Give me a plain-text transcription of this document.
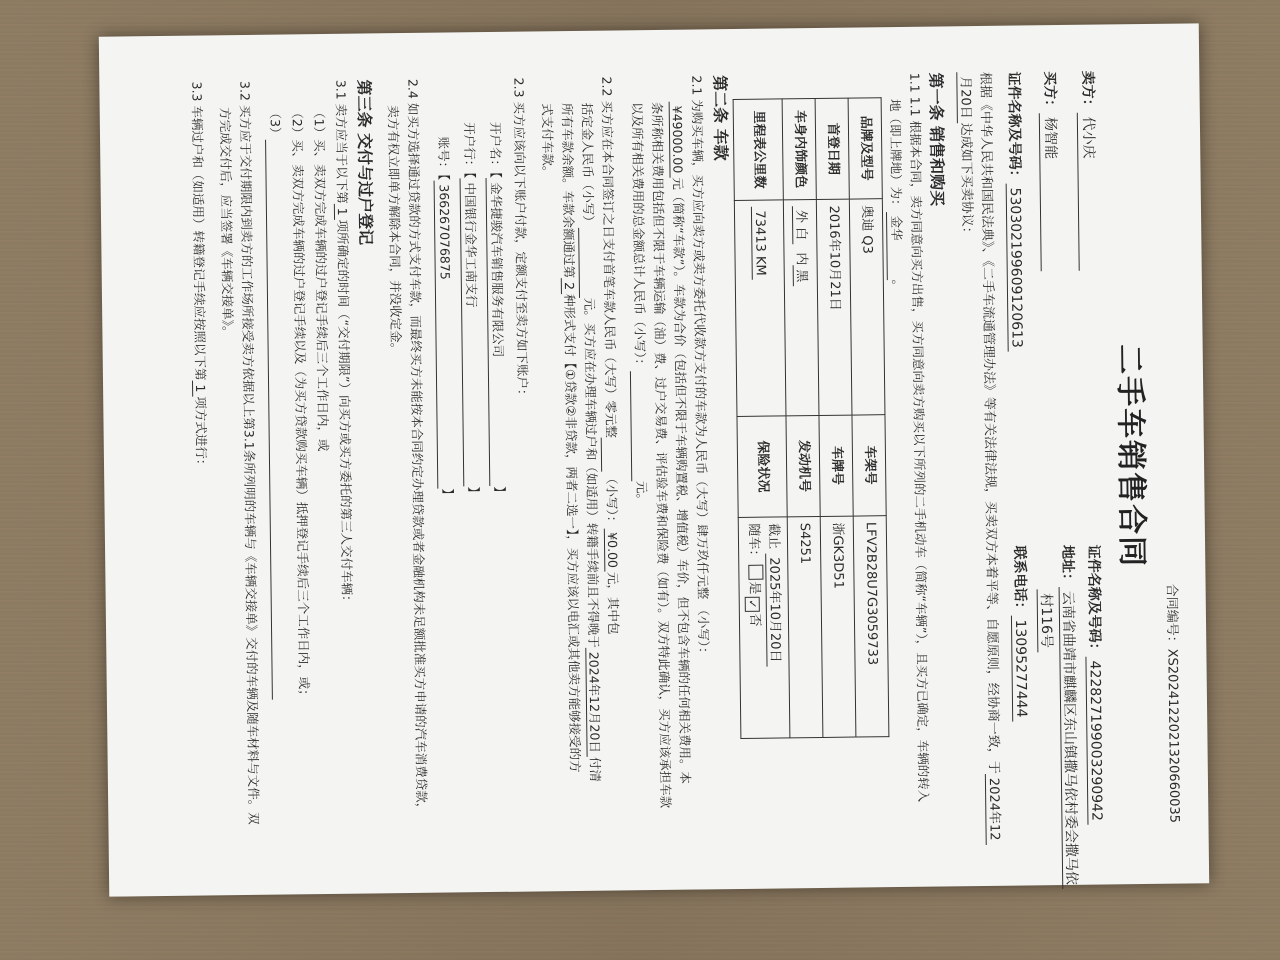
合同编号：XS2024122021320660035
二手车销售合同
卖方：代小庆
证件名称及号码：422827199003290942
地址：云南省曲靖市麒麟区东山镇撒马依村委会撒马依
村116号
买方：杨智能
证件名称及号码：530302199609120613
联系电话：13095277444
根据《中华人民共和国民法典》、《二手车流通管理办法》等有关法律法规，买卖双方本着平等、自愿原则，经协商一致，于2024年12
月20日达成如下买卖协议：
第一条 销售和购买
1.1 1.1 根据本合同，卖方同意向买方出售，买方同意向卖方购买以下所列的二手机动车（简称“车辆”），且买方已确定，车辆的转入
地（即上牌地）为：金华。
品牌及型号	奥迪 Q3	车架号	LFV2B28U7G3059733
首登日期	2016年10月21日	车牌号	浙GK3D51
车身内饰颜色	外 白  内黑	发动机号	S4251
里程表公里数	73413 KM	保险状况	截止 2025年10月20日
随车：是✓否
第二条 车款
2.1 为购买车辆，买方应向卖方或卖方委托代收款方支付的车款为人民币（大写）肆万玖仟元整 （小写）：
¥49000.00元（简称“车款”）。车款为合价（包括但不限于车辆购置税、增值税）车价，但不包含车辆的任何相关费用。本
条所称相关费用包括但不限于车辆运输（油）费、过户交易费、评估验车费和保险费（如有）。双方特此确认，买方应该承担车款
以及所有相关费用的总金额总计人民币（小写）： 元。
2.2 买方应在本合同签订之日支付首笔车款人民币（大写）零元整 （小写）：¥0.00元，其中包
括定金人民币（小写） 元。买方应在办理车辆过户和（如适用）转籍手续前且不得晚于2024年12月20日付清
所有车款余额。车款余额通过第2种形式支付【①贷款②非贷款，两者二选一】，买方应该以电汇或其他卖方能够接受的方
式支付车款。
2.3 买方应该向以下账户付款，定额支付至卖方如下账户：
开户名：【金华捷骏汽车销售服务有限公司】
开户行：【中国银行金华工南支行】
账号：【366267076875】
2.4 如买方选择通过贷款的方式支付车款，而最终买方未能按本合同约定办理贷款或者金融机构未足额批准买方申请的汽车消费贷款，
卖方有权立即单方解除本合同，并没收定金。
第三条 交付与过户登记
3.1 卖方应当于以下第1项所确定的时间（“交付期限”）向买方或买方委托的第三人交付车辆：
（1）买、卖双方完成车辆的过户登记手续后三个工作日内，或
（2）买、卖双方完成车辆的过户登记手续以及（为买方贷款购买车辆）抵押登记手续后三个工作日内，或；
（3）
3.2 买方应于交付期限内到卖方的工作场所接受卖方依据以上第3.1条所列明的车辆与《车辆交接单》交付的车辆及随车材料与文件。双
方完成交付后，应当签署《车辆交接单》。
3.3 车辆过户和（如适用）转籍登记手续应按照以下第1项方式进行：
